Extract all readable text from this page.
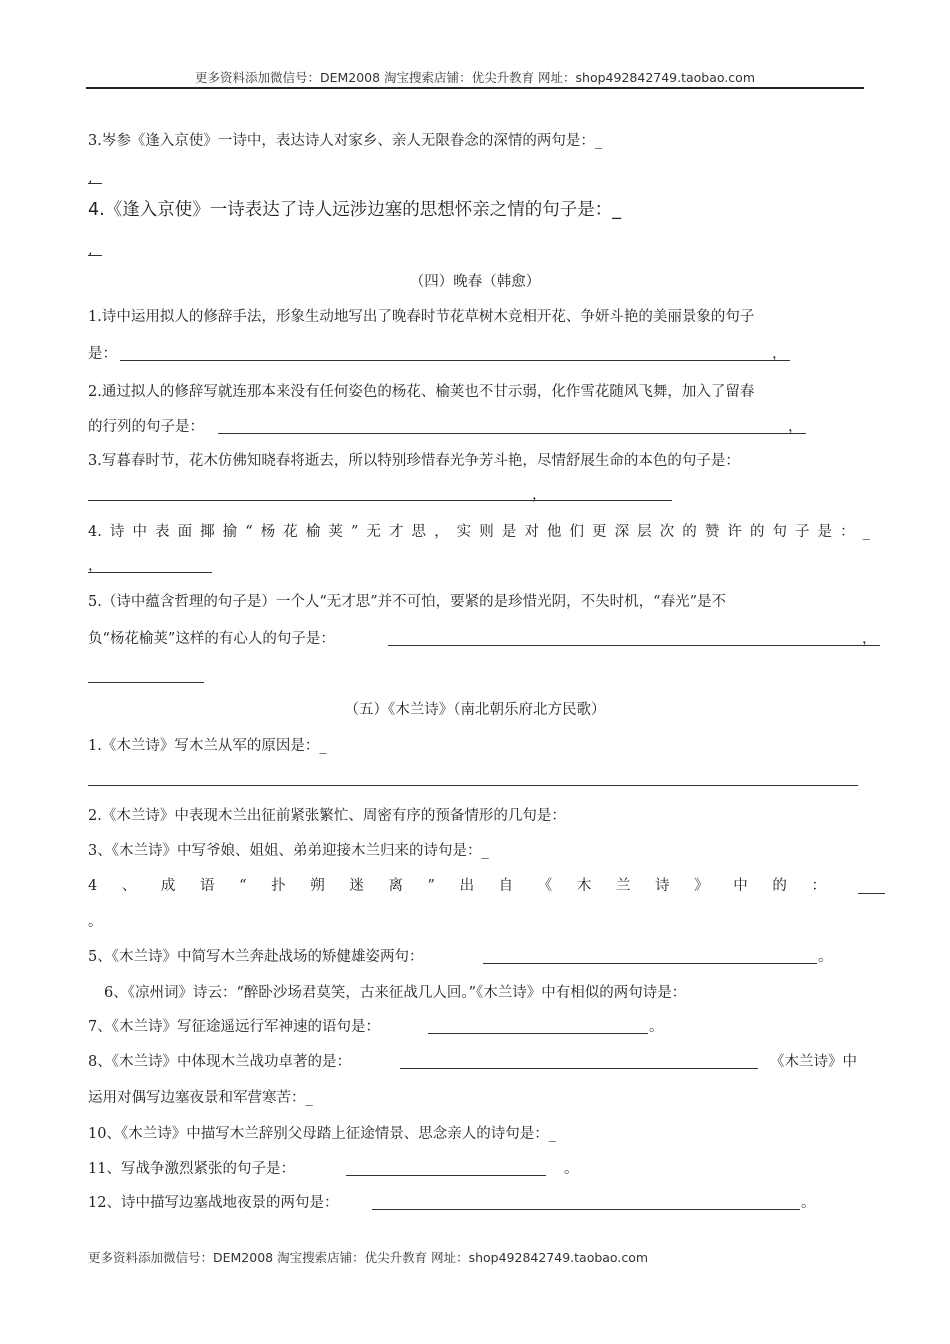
更多资料添加微信号：DEM2008 淘宝搜索店铺：优尖升教育 网址：shop492842749.taobao.com
3.岑参《逢入京使》一诗中，表达诗人对家乡、亲人无限眷念的深情的两句是：_
,
4.《逢入京使》一诗表达了诗人远涉边塞的思想怀亲之情的句子是：_
,
（四）晚春（韩愈）
1.诗中运用拟人的修辞手法，形象生动地写出了晚春时节花草树木竞相开花、争妍斗艳的美丽景象的句子
是：	，
2.通过拟人的修辞写就连那本来没有任何姿色的杨花、榆荚也不甘示弱，化作雪花随风飞舞，加入了留春
的行列的句子是：	，
3.写暮春时节，花木仿佛知晓春将逝去，所以特别珍惜春光争芳斗艳，尽情舒展生命的本色的句子是：
，
4.诗中表面揶揄“杨花榆荚”无才思，实则是对他们更深层次的赞许的句子是：_
，
5.（诗中蕴含哲理的句子是）一个人“无才思”并不可怕，要紧的是珍惜光阴，不失时机，“春光”是不
负“杨花榆荚”这样的有心人的句子是：	，
（五）《木兰诗》（南北朝乐府北方民歌）
1.《木兰诗》写木兰从军的原因是：_
2.《木兰诗》中表现木兰出征前紧张繁忙、周密有序的预备情形的几句是：
3、《木兰诗》中写爷娘、姐姐、弟弟迎接木兰归来的诗句是：_
4、成语“扑朔迷离”出自《木兰诗》中的：
。
5、《木兰诗》中简写木兰奔赴战场的矫健雄姿两句：	。
6、《凉州词》诗云：“醉卧沙场君莫笑，古来征战几人回。”《木兰诗》中有相似的两句诗是：
7、《木兰诗》写征途遥远行军神速的语句是：	。
8、《木兰诗》中体现木兰战功卓著的是：	《木兰诗》中
运用对偶写边塞夜景和军营寒苦：_
10、《木兰诗》中描写木兰辞别父母踏上征途情景、思念亲人的诗句是：_
11、写战争激烈紧张的句子是：	。
12、诗中描写边塞战地夜景的两句是：	。
更多资料添加微信号：DEM2008 淘宝搜索店铺：优尖升教育 网址：shop492842749.taobao.com
